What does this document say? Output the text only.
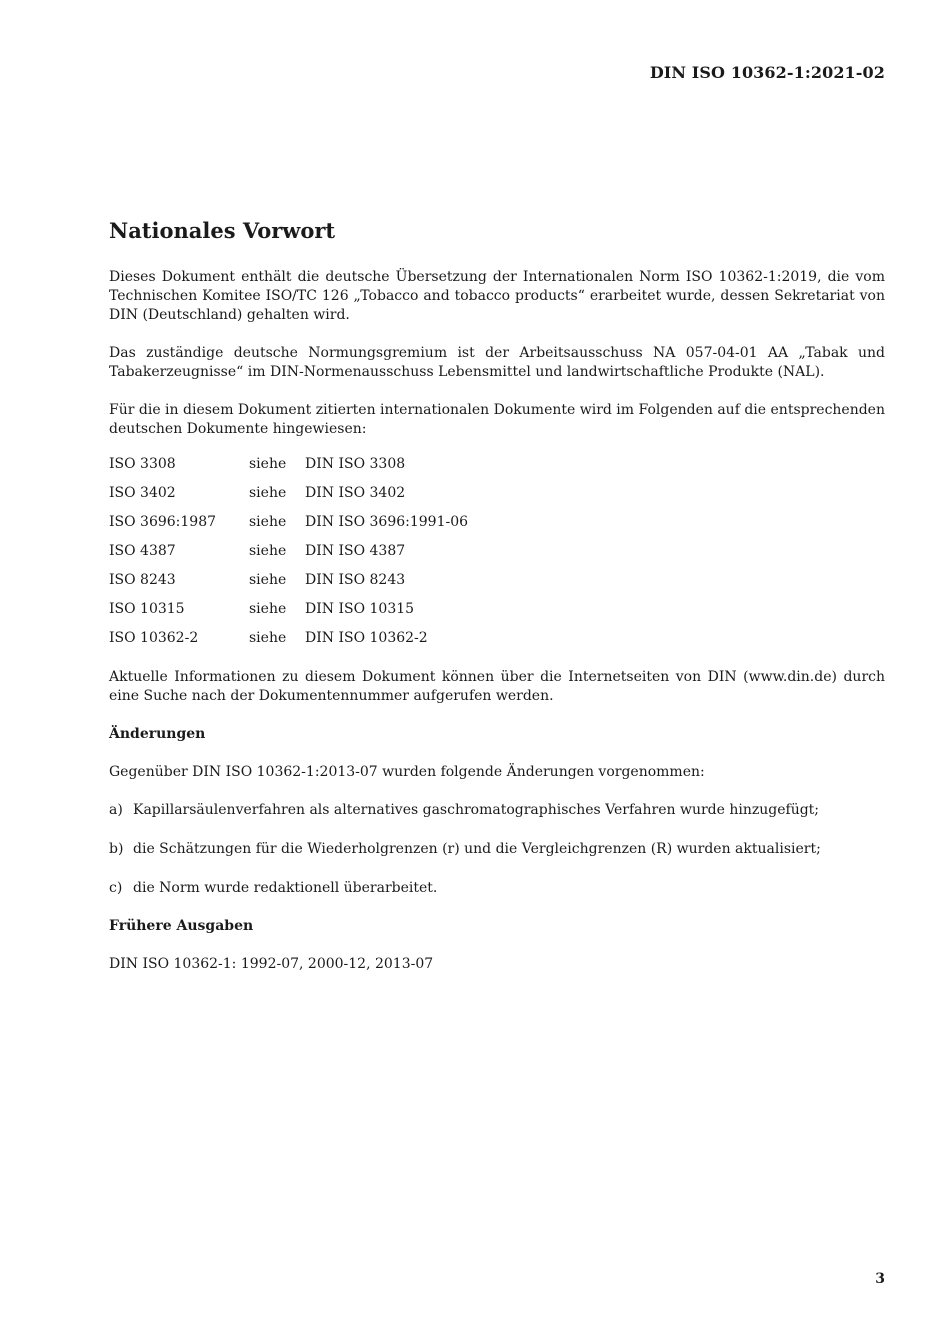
DIN ISO 10362-1:2021-02
Nationales Vorwort

Dieses Dokument enthält die deutsche Übersetzung der Internationalen Norm ISO 10362-1:2019, die vom Technischen Komitee ISO/TC 126 „Tobacco and tobacco products“ erarbeitet wurde, dessen Sekretariat von DIN (Deutschland) gehalten wird.

Das zuständige deutsche Normungsgremium ist der Arbeitsausschuss NA 057-04-01 AA „Tabak und Tabakerzeugnisse“ im DIN-Normenausschuss Lebensmittel und landwirtschaftliche Produkte (NAL).

Für die in diesem Dokument zitierten internationalen Dokumente wird im Folgenden auf die entsprechenden deutschen Dokumente hingewiesen:

ISO 3308	siehe	DIN ISO 3308
ISO 3402	siehe	DIN ISO 3402
ISO 3696:1987	siehe	DIN ISO 3696:1991-06
ISO 4387	siehe	DIN ISO 4387
ISO 8243	siehe	DIN ISO 8243
ISO 10315	siehe	DIN ISO 10315
ISO 10362-2	siehe	DIN ISO 10362-2

Aktuelle Informationen zu diesem Dokument können über die Internetseiten von DIN (www.din.de) durch eine Suche nach der Dokumentennummer aufgerufen werden.

Änderungen

Gegenüber DIN ISO 10362-1:2013-07 wurden folgende Änderungen vorgenommen:

a) Kapillarsäulenverfahren als alternatives gaschromatographisches Verfahren wurde hinzugefügt;
b) die Schätzungen für die Wiederholgrenzen (r) und die Vergleichgrenzen (R) wurden aktualisiert;
c) die Norm wurde redaktionell überarbeitet.
Frühere Ausgaben

DIN ISO 10362-1: 1992-07, 2000-12, 2013-07

3
